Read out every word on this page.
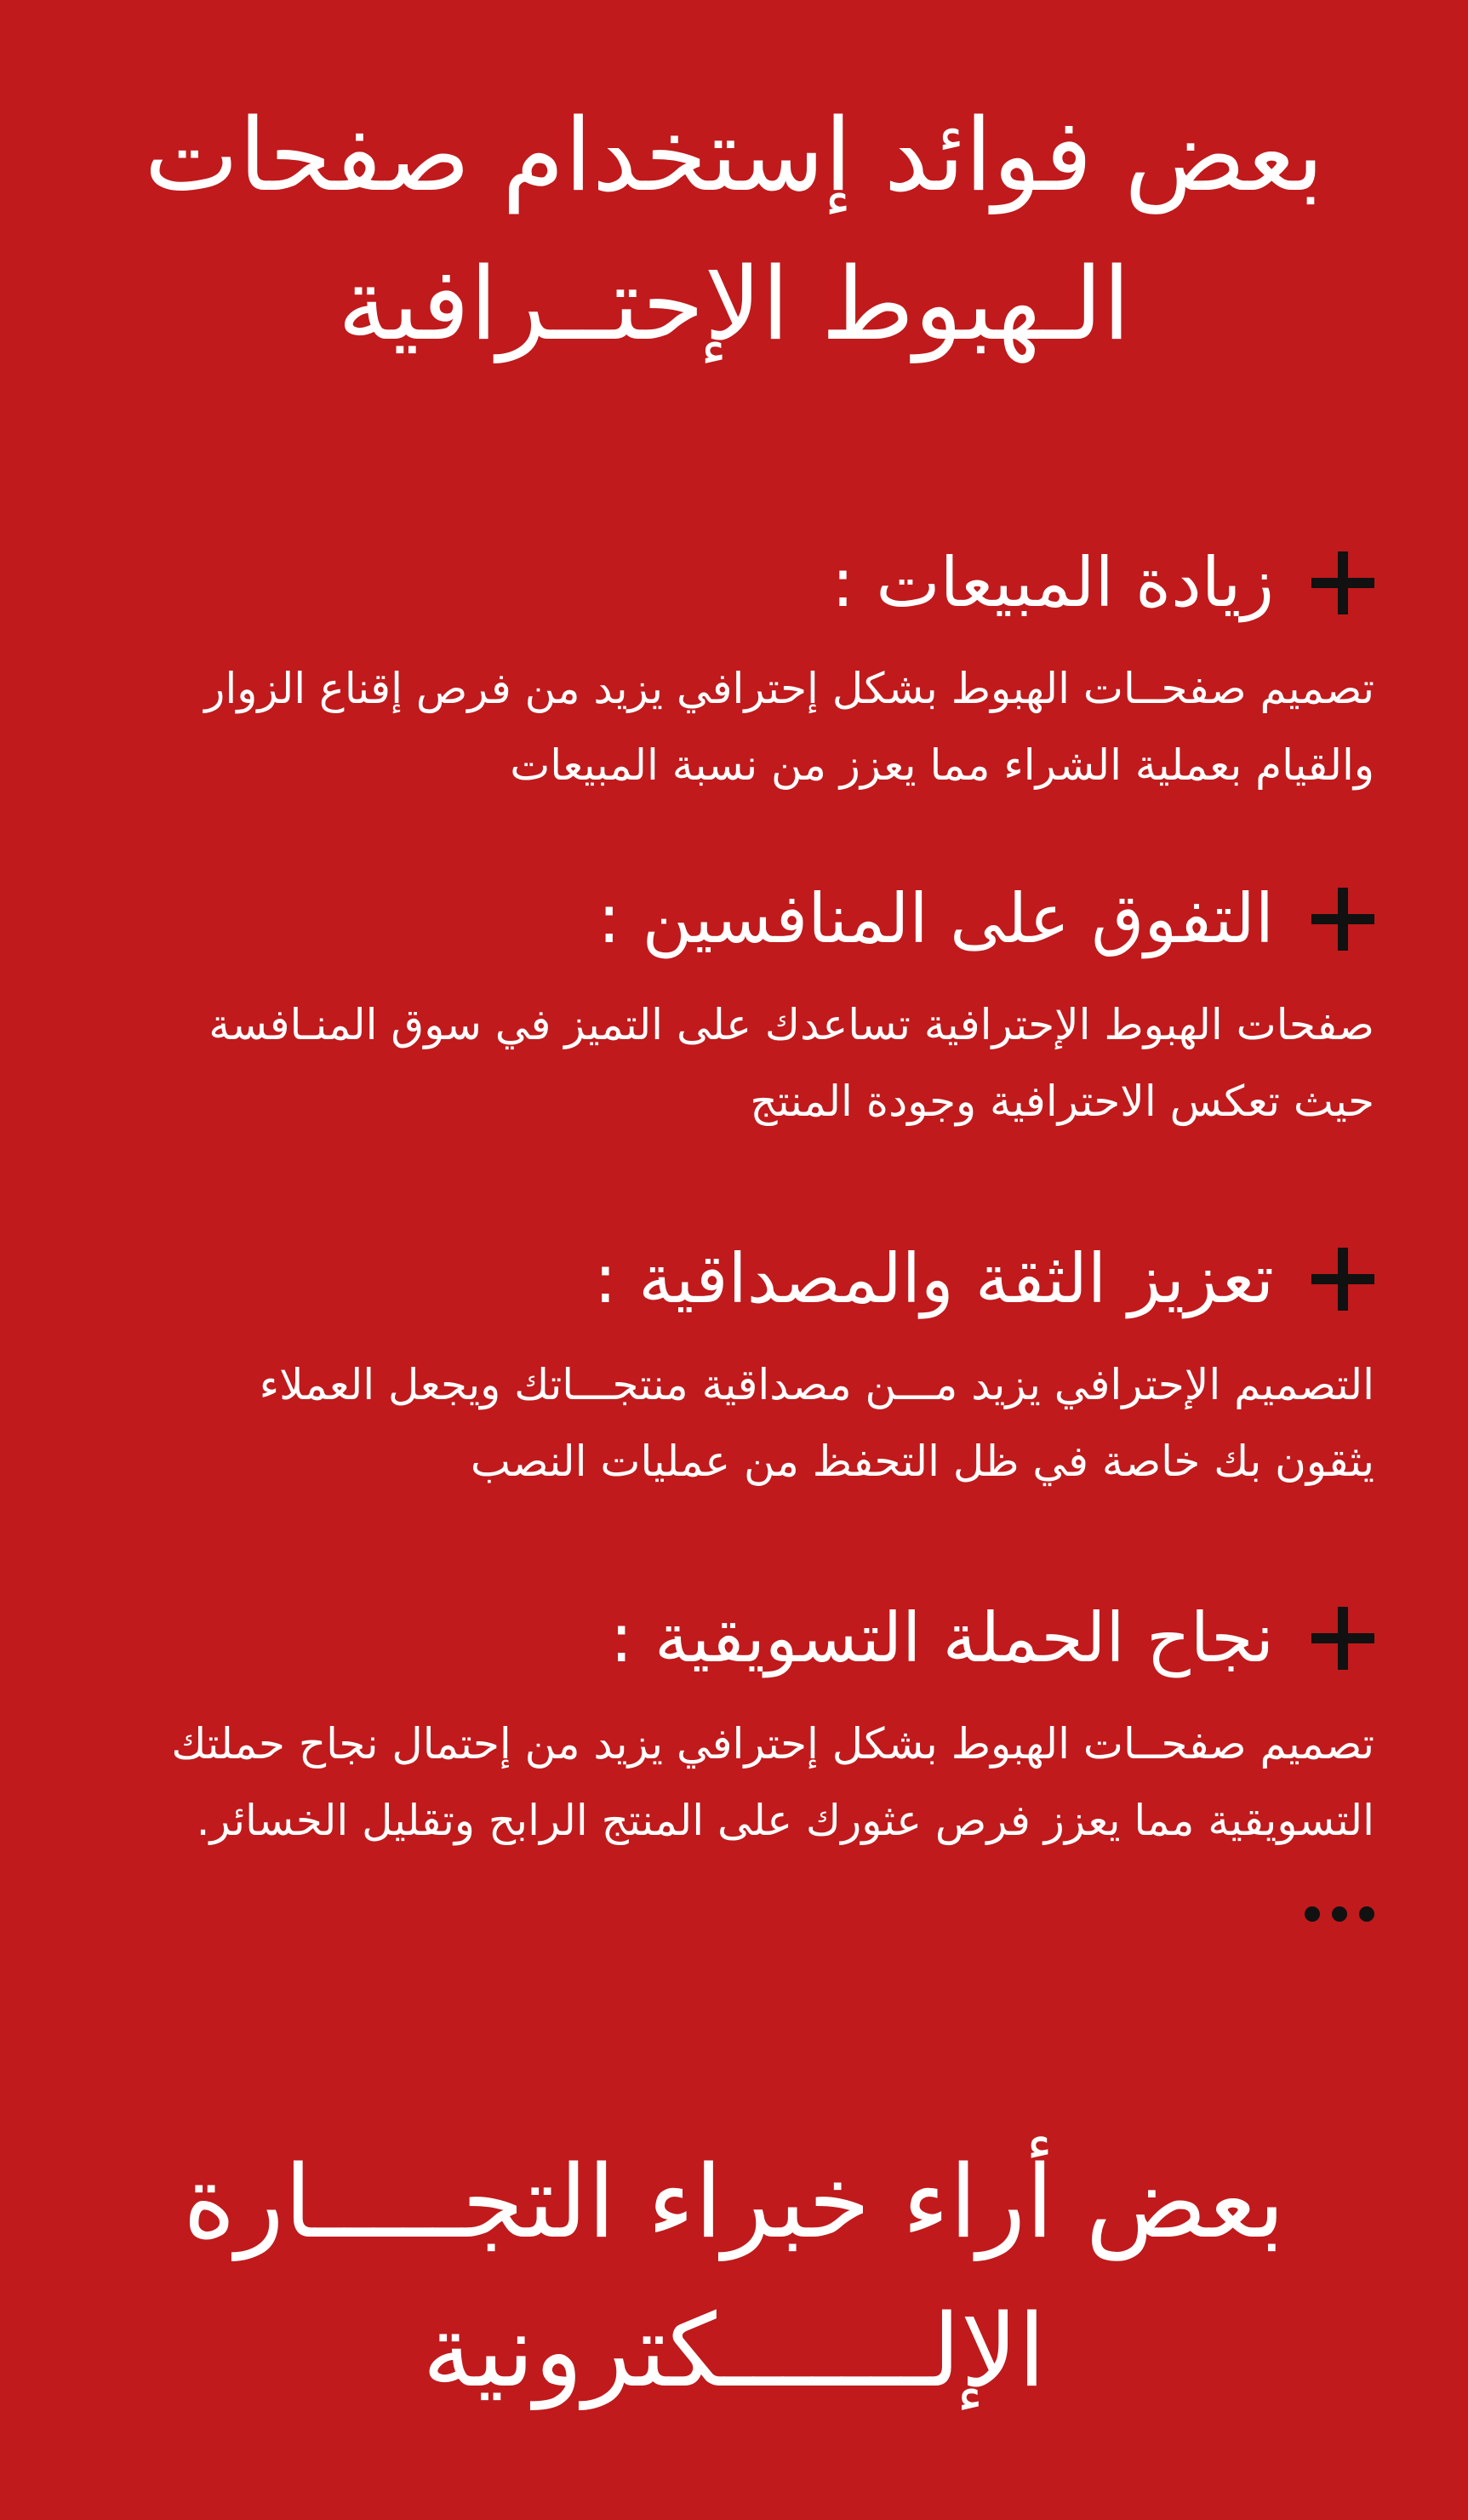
بعض فوائد إستخدام صفحات
الـهبوط الإحتــرافية
زيادة المبيعات :
تصميم صفحــات الهبوط بشكل إحترافي يزيد من فرص إقناع الزوار
والقيام بعملية الشراء مما يعزز من نسبة المبيعات
التفوق على المنافسين :
صفحات الهبوط الإحترافية تساعدك على التميز في سوق المنـافسة
حيث تعكس الاحترافية وجودة المنتج
تعزيز الثقة والمصداقية :
التصميم الإحترافي يزيد مـــن مصداقية منتجـــاتك ويجعل العملاء
يثقون بك خاصة في ظل التحفظ من عمليات النصب
نجاح الحملة التسويقية :
تصميم صفحــات الهبوط بشكل إحترافي يزيد من إحتمال نجاح حملتك
التسويقية مما يعزز فرص عثورك على المنتج الرابح وتقليل الخسائر.
بعض أراء خبراء التجـــــارة
الإلـــــــكترونية
